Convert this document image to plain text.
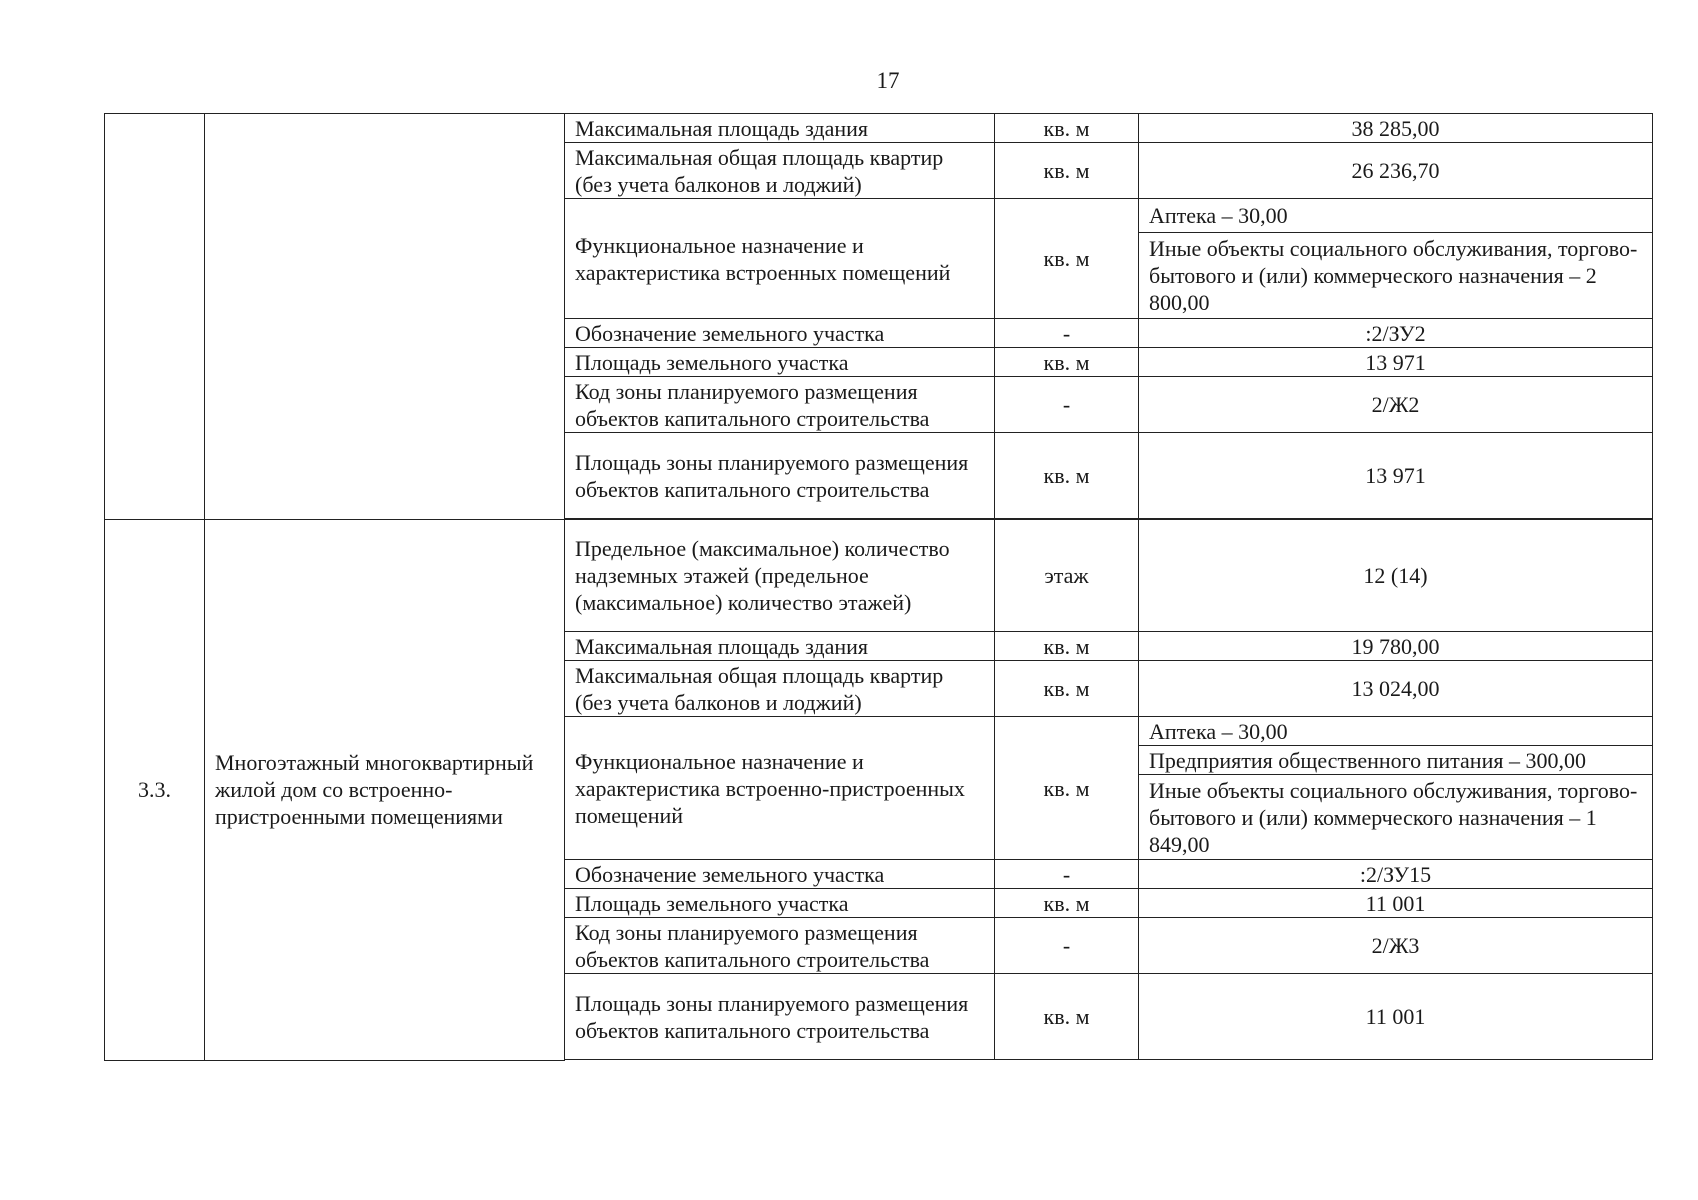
17
		Максимальная площадь здания	кв. м	38 285,00
		Максимальная общая площадь квартир (без учета балконов и лоджий)	кв. м	26 236,70
		Функциональное назначение и характеристика встроенных помещений	кв. м	Аптека – 30,00
				Иные объекты социального обслуживания, торгово-бытового и (или) коммерческого назначения – 2 800,00
		Обозначение земельного участка	-	:2/ЗУ2
		Площадь земельного участка	кв. м	13 971
		Код зоны планируемого размещения объектов капитального строительства	-	2/Ж2
		Площадь зоны планируемого размещения объектов капитального строительства	кв. м	13 971

3.3.	Многоэтажный многоквартирный жилой дом со встроенно-пристроенными помещениями	Предельное (максимальное) количество надземных этажей (предельное (максимальное) количество этажей)	этаж	12 (14)
		Максимальная площадь здания	кв. м	19 780,00
		Максимальная общая площадь квартир (без учета балконов и лоджий)	кв. м	13 024,00
		Функциональное назначение и характеристика встроенно-пристроенных помещений	кв. м	Аптека – 30,00
				Предприятия общественного питания – 300,00
				Иные объекты социального обслуживания, торгово-бытового и (или) коммерческого назначения – 1 849,00
		Обозначение земельного участка	-	:2/ЗУ15
		Площадь земельного участка	кв. м	11 001
		Код зоны планируемого размещения объектов капитального строительства	-	2/Ж3
		Площадь зоны планируемого размещения объектов капитального строительства	кв. м	11 001
